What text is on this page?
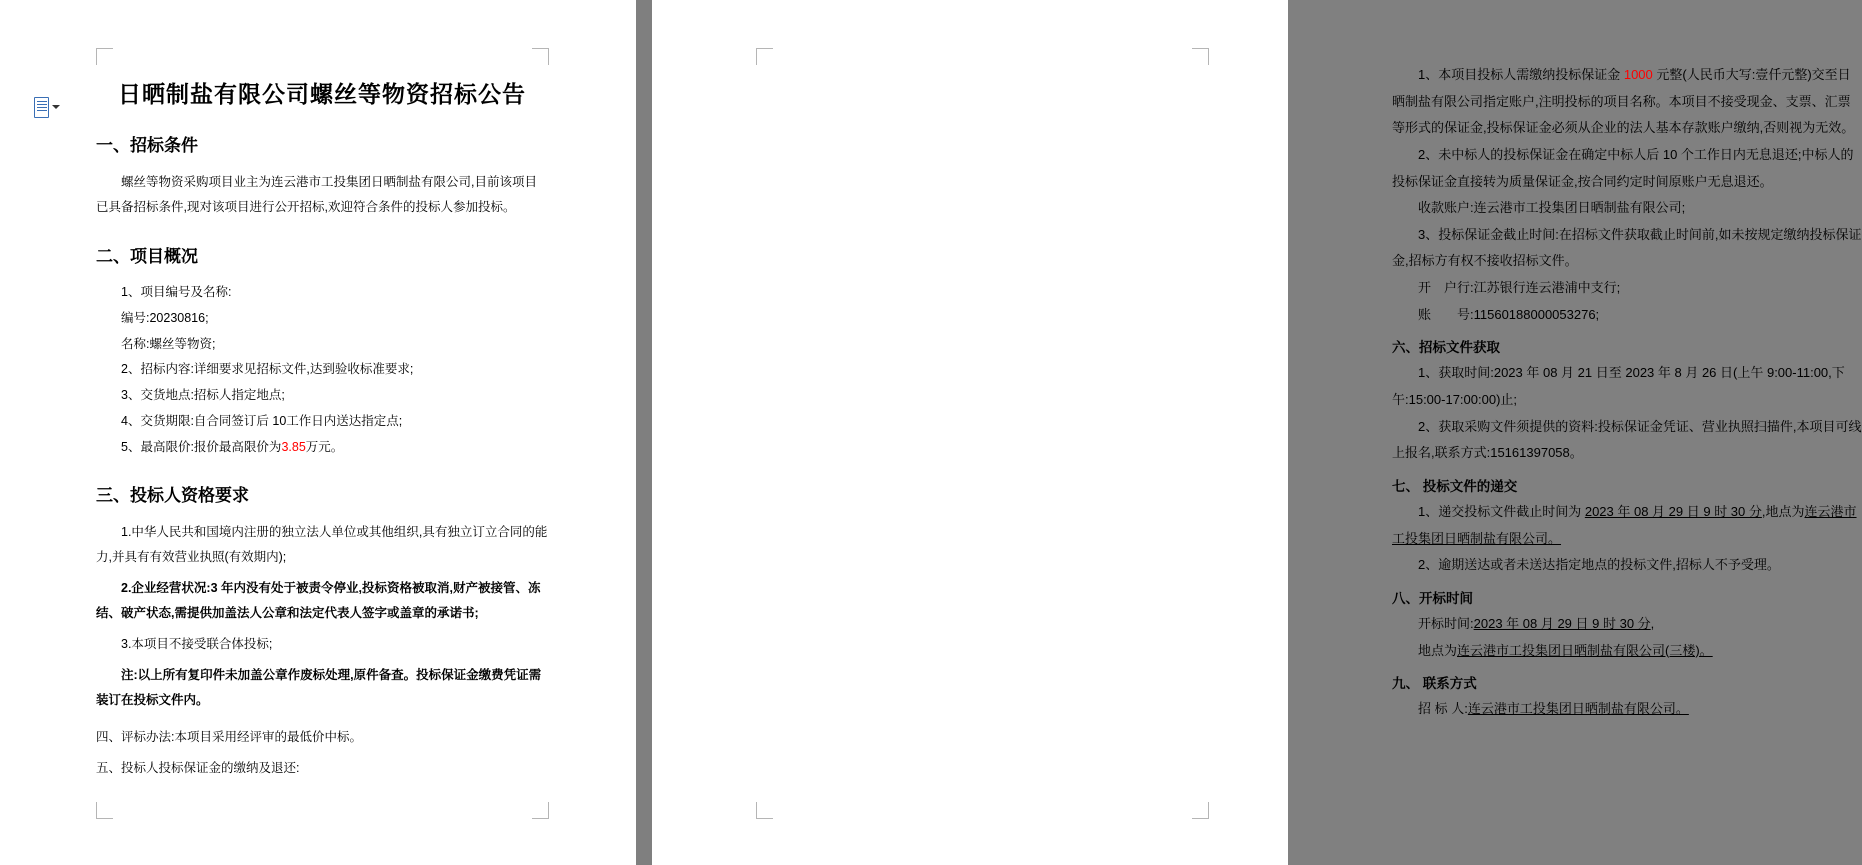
日晒制盐有限公司螺丝等物资招标公告
一、招标条件

螺丝等物资采购项目业主为连云港市工投集团日晒制盐有限公司,目前该项目已具备招标条件,现对该项目进行公开招标,欢迎符合条件的投标人参加投标。

二、项目概况

1、项目编号及名称:

编号:20230816;

名称:螺丝等物资;

2、招标内容:详细要求见招标文件,达到验收标准要求;

3、交货地点:招标人指定地点;

4、交货期限:自合同签订后 10工作日内送达指定点;

5、最高限价:报价最高限价为3.85万元。

三、投标人资格要求

1.中华人民共和国境内注册的独立法人单位或其他组织,具有独立订立合同的能力,并具有有效营业执照(有效期内);

2.企业经营状况:3 年内没有处于被责令停业,投标资格被取消,财产被接管、冻结、破产状态,需提供加盖法人公章和法定代表人签字或盖章的承诺书;

3.本项目不接受联合体投标;

注:以上所有复印件未加盖公章作废标处理,原件备查。投标保证金缴费凭证需装订在投标文件内。

四、评标办法:本项目采用经评审的最低价中标。

五、投标人投标保证金的缴纳及退还:

1、本项目投标人需缴纳投标保证金 1000 元整(人民币大写:壹仟元整)交至日晒制盐有限公司指定账户,注明投标的项目名称。本项目不接受现金、支票、汇票等形式的保证金,投标保证金必须从企业的法人基本存款账户缴纳,否则视为无效。

2、未中标人的投标保证金在确定中标人后 10 个工作日内无息退还;中标人的投标保证金直接转为质量保证金,按合同约定时间原账户无息退还。

收款账户:连云港市工投集团日晒制盐有限公司;

3、投标保证金截止时间:在招标文件获取截止时间前,如未按规定缴纳投标保证金,招标方有权不接收招标文件。

开　户行:江苏银行连云港浦中支行;

账　　号:11560188000053276;

六、招标文件获取

1、获取时间:2023 年 08 月 21 日至 2023 年 8 月 26 日(上午 9:00-11:00,下午:15:00-17:00:00)止;

2、获取采购文件须提供的资料:投标保证金凭证、营业执照扫描件,本项目可线上报名,联系方式:15161397058。

七、 投标文件的递交

1、递交投标文件截止时间为 2023 年 08 月 29 日 9 时 30 分,地点为连云港市工投集团日晒制盐有限公司。

2、逾期送达或者未送达指定地点的投标文件,招标人不予受理。

八、开标时间

开标时间:2023 年 08 月 29 日 9 时 30 分,

地点为连云港市工投集团日晒制盐有限公司(三楼)。

九、 联系方式

招 标 人:连云港市工投集团日晒制盐有限公司。
